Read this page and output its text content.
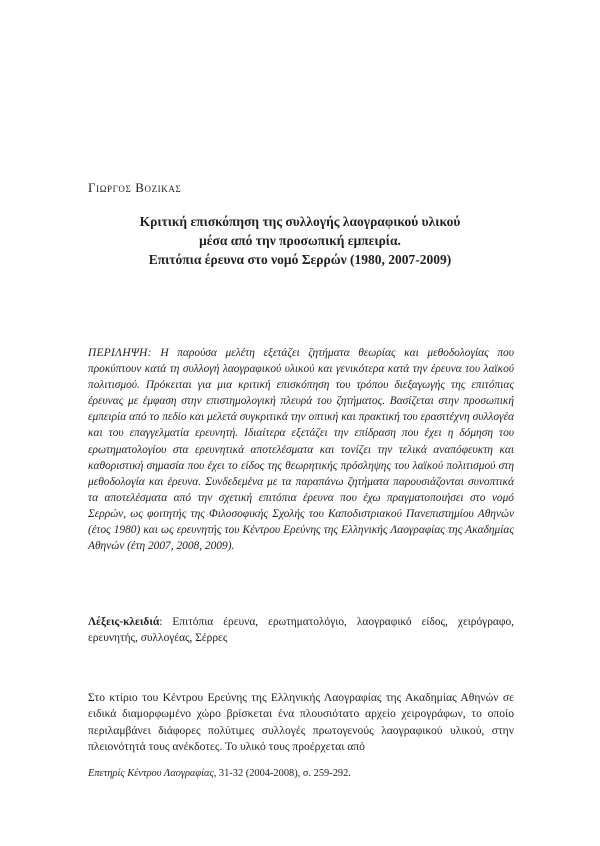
Γιωργος Βοζικας
Κριτική επισκόπηση της συλλογής λαογραφικού υλικού
μέσα από την προσωπική εμπειρία.
Επιτόπια έρευνα στο νομό Σερρών (1980, 2007-2009)
ΠΕΡΙΛΗΨΗ: Η παρούσα μελέτη εξετάζει ζητήματα θεωρίας και μεθοδολογίας που προκύπτουν κατά τη συλλογή λαογραφικού υλικού και γενικότερα κατά την έρευνα του λαϊκού πολιτισμού. Πρόκειται για μια κριτική επισκόπηση του τρόπου διεξαγωγής της επιτόπιας έρευνας με έμφαση στην επιστημολογική πλευρά του ζητήματος. Βασίζεται στην προσωπική εμπειρία από το πεδίο και μελετά συγκριτικά την οπτική και πρακτική του ερασιτέχνη συλλογέα και του επαγγελματία ερευνητή. Ιδιαίτερα εξετάζει την επίδραση που έχει η δόμηση του ερωτηματολογίου στα ερευνητικά αποτελέσματα και τονίζει την τελικά αναπόφευκτη και καθοριστική σημασία που έχει το είδος της θεωρητικής πρόσληψης του λαϊκού πολιτισμού στη μεθοδολογία και έρευνα. Συνδεδεμένα με τα παραπάνω ζητήματα παρουσιάζονται συνοπτικά τα αποτελέσματα από την σχετική επιτόπια έρευνα που έχω πραγματοποιήσει στο νομό Σερρών, ως φοιτητής της Φιλοσοφικής Σχολής του Καποδιστριακού Πανεπιστημίου Αθηνών (έτος 1980) και ως ερευνητής του Κέντρου Ερεύνης της Ελληνικής Λαογραφίας της Ακαδημίας Αθηνών (έτη 2007, 2008, 2009).
Λέξεις-κλειδιά: Επιτόπια έρευνα, ερωτηματολόγιο, λαογραφικό είδος, χειρόγραφο, ερευνητής, συλλογέας, Σέρρες
Στο κτίριο του Κέντρου Ερεύνης της Ελληνικής Λαογραφίας της Ακαδημίας Αθηνών σε ειδικά διαμορφωμένο χώρο βρίσκεται ένα πλουσιότατο αρχείο χειρογράφων, το οποίο περιλαμβάνει διάφορες πολύτιμες συλλογές πρωτογενούς λαογραφικού υλικού, στην πλειονότητά τους ανέκδοτες. Το υλικό τους προέρχεται από
Επετηρίς Κέντρου Λαογραφίας, 31-32 (2004-2008), σ. 259-292.
